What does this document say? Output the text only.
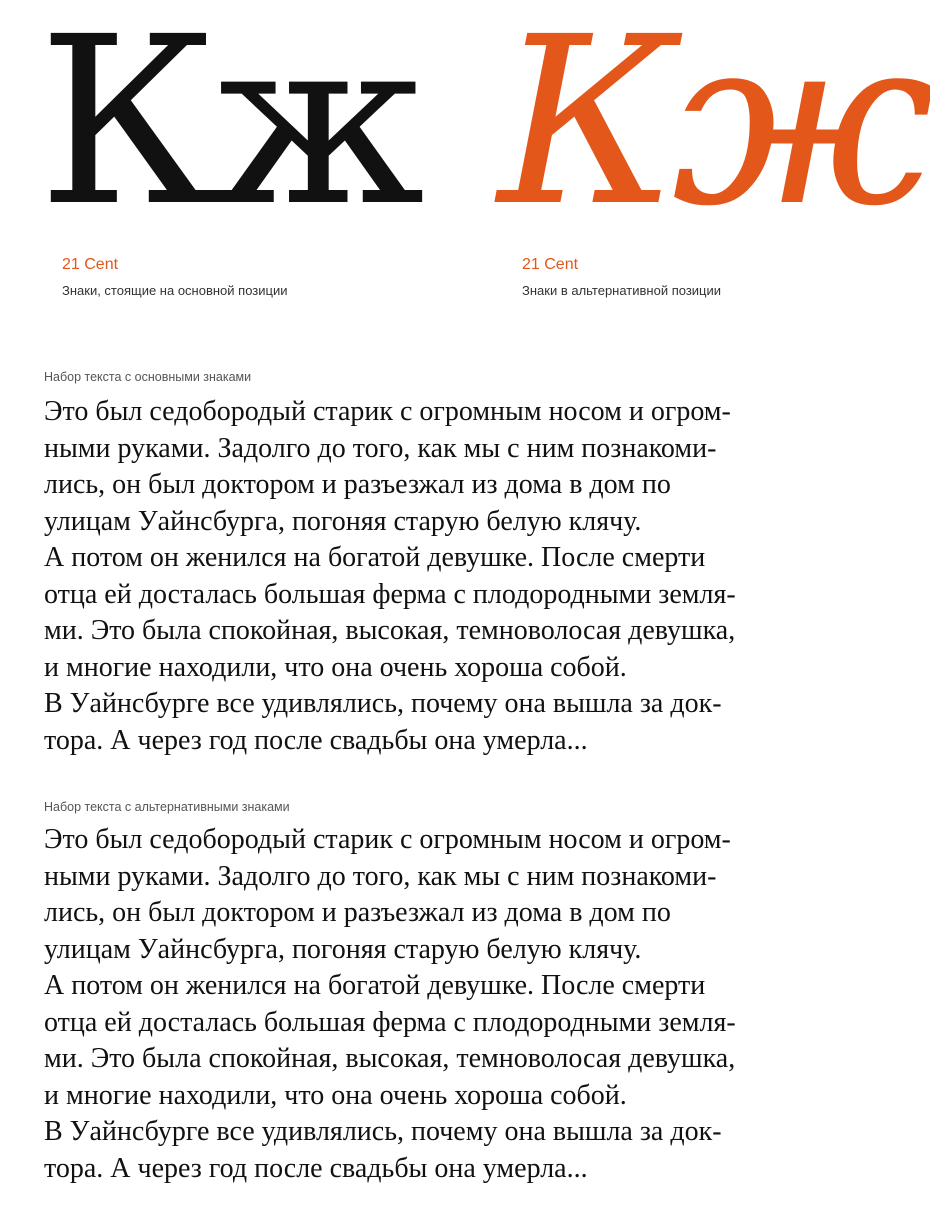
Кж
21 Cent
Знаки, стоящие на основной позиции
Кж
21 Cent
Знаки в альтернативной позиции
Набор текста с основными знаками

Это был седобородый старик с огромным носом и огром-
ными руками. Задолго до того, как мы с ним познакоми-
лись, он был доктором и разъезжал из дома в дом по
улицам Уайнсбурга, погоняя старую белую клячу.
А потом он женился на богатой девушке. После смерти
отца ей досталась большая ферма с плодородными земля-
ми. Это была спокойная, высокая, темноволосая девушка,
и многие находили, что она очень хороша собой.
В Уайнсбурге все удивлялись, почему она вышла за док-
тора. А через год после свадьбы она умерла...

Набор текста с альтернативными знаками

Это был седобородый старик с огромным носом и огром-
ными руками. Задолго до того, как мы с ним познакоми-
лись, он был доктором и разъезжал из дома в дом по
улицам Уайнсбурга, погоняя старую белую клячу.
А потом он женился на богатой девушке. После смерти
отца ей досталась большая ферма с плодородными земля-
ми. Это была спокойная, высокая, темноволосая девушка,
и многие находили, что она очень хороша собой.
В Уайнсбурге все удивлялись, почему она вышла за док-
тора. А через год после свадьбы она умерла...
